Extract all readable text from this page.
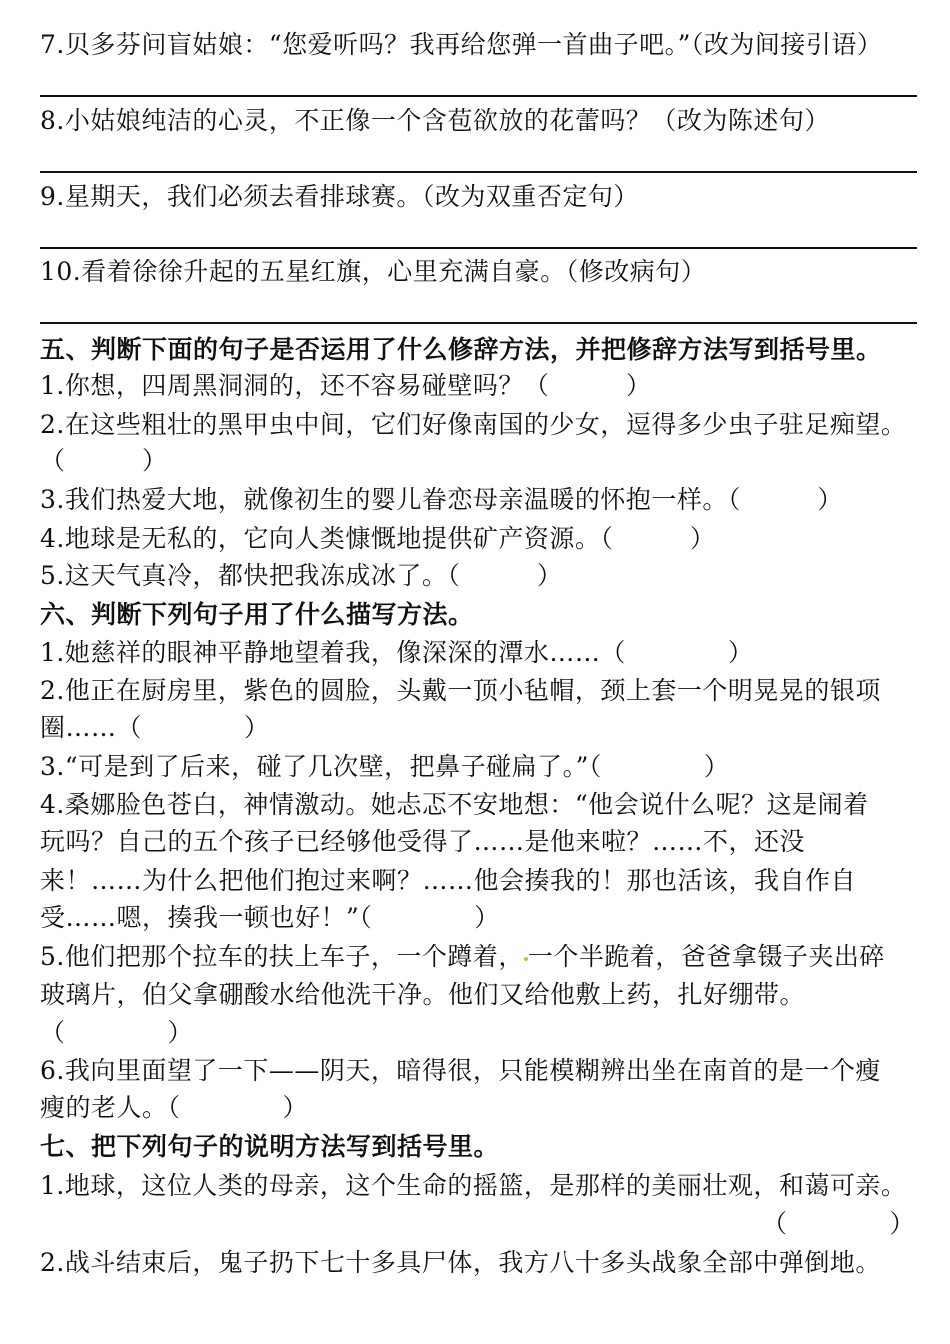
7.贝多芬问盲姑娘：“您爱听吗？我再给您弹一首曲子吧。”（改为间接引语）
8.小姑娘纯洁的心灵，不正像一个含苞欲放的花蕾吗？（改为陈述句）
9.星期天，我们必须去看排球赛。（改为双重否定句）
10.看着徐徐升起的五星红旗，心里充满自豪。（修改病句）
五、判断下面的句子是否运用了什么修辞方法，并把修辞方法写到括号里。
1.你想，四周黑洞洞的，还不容易碰壁吗？（　　　）
2.在这些粗壮的黑甲虫中间，它们好像南国的少女，逗得多少虫子驻足痴望。
（　　　）
3.我们热爱大地，就像初生的婴儿眷恋母亲温暖的怀抱一样。（　　　）
4.地球是无私的，它向人类慷慨地提供矿产资源。（　　　）
5.这天气真冷，都快把我冻成冰了。（　　　）
六、判断下列句子用了什么描写方法。
1.她慈祥的眼神平静地望着我，像深深的潭水……（　　　　）
2.他正在厨房里，紫色的圆脸，头戴一顶小毡帽，颈上套一个明晃晃的银项
圈……（　　　　）
3.“可是到了后来，碰了几次壁，把鼻子碰扁了。”（　　　　）
4.桑娜脸色苍白，神情激动。她忐忑不安地想：“他会说什么呢？这是闹着
玩吗？自己的五个孩子已经够他受得了……是他来啦？……不，还没
来！……为什么把他们抱过来啊？……他会揍我的！那也活该，我自作自
受……嗯，揍我一顿也好！”（　　　　）
5.他们把那个拉车的扶上车子，一个蹲着， 一个半跪着，爸爸拿镊子夹出碎
玻璃片，伯父拿硼酸水给他洗干净。他们又给他敷上药，扎好绷带。
（　　　　）
6.我向里面望了一下——阴天，暗得很，只能模糊辨出坐在南首的是一个瘦
瘦的老人。（　　　　）
七、把下列句子的说明方法写到括号里。
1.地球，这位人类的母亲，这个生命的摇篮，是那样的美丽壮观，和蔼可亲。
（　　　　）
2.战斗结束后，鬼子扔下七十多具尸体，我方八十多头战象全部中弹倒地。
